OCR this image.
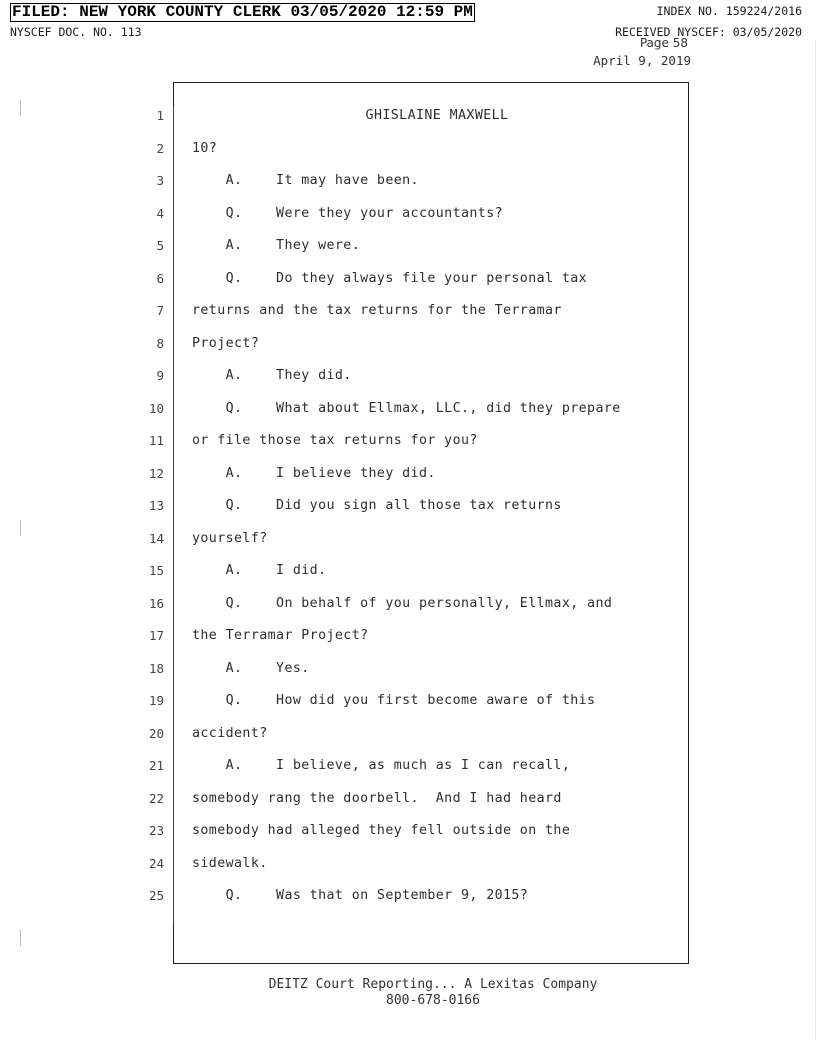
FILED: NEW YORK COUNTY CLERK 03/05/2020 12:59 PM	INDEX NO. 159224/2016
NYSCEF DOC. NO. 113	RECEIVED NYSCEF: 03/05/2020
Page 58
April 9, 2019
1
2
3
4
5
6
7
8
9
10
11
12
13
14
15
16
17
18
19
20
21
22
23
24
25
GHISLAINE MAXWELL
10?
A.    It may have been.
Q.    Were they your accountants?
A.    They were.
Q.    Do they always file your personal tax
returns and the tax returns for the Terramar
Project?
A.    They did.
Q.    What about Ellmax, LLC., did they prepare
or file those tax returns for you?
A.    I believe they did.
Q.    Did you sign all those tax returns
yourself?
A.    I did.
Q.    On behalf of you personally, Ellmax, and
the Terramar Project?
A.    Yes.
Q.    How did you first become aware of this
accident?
A.    I believe, as much as I can recall,
somebody rang the doorbell.  And I had heard
somebody had alleged they fell outside on the
sidewalk.
Q.    Was that on September 9, 2015?
DEITZ Court Reporting... A Lexitas Company
800-678-0166
